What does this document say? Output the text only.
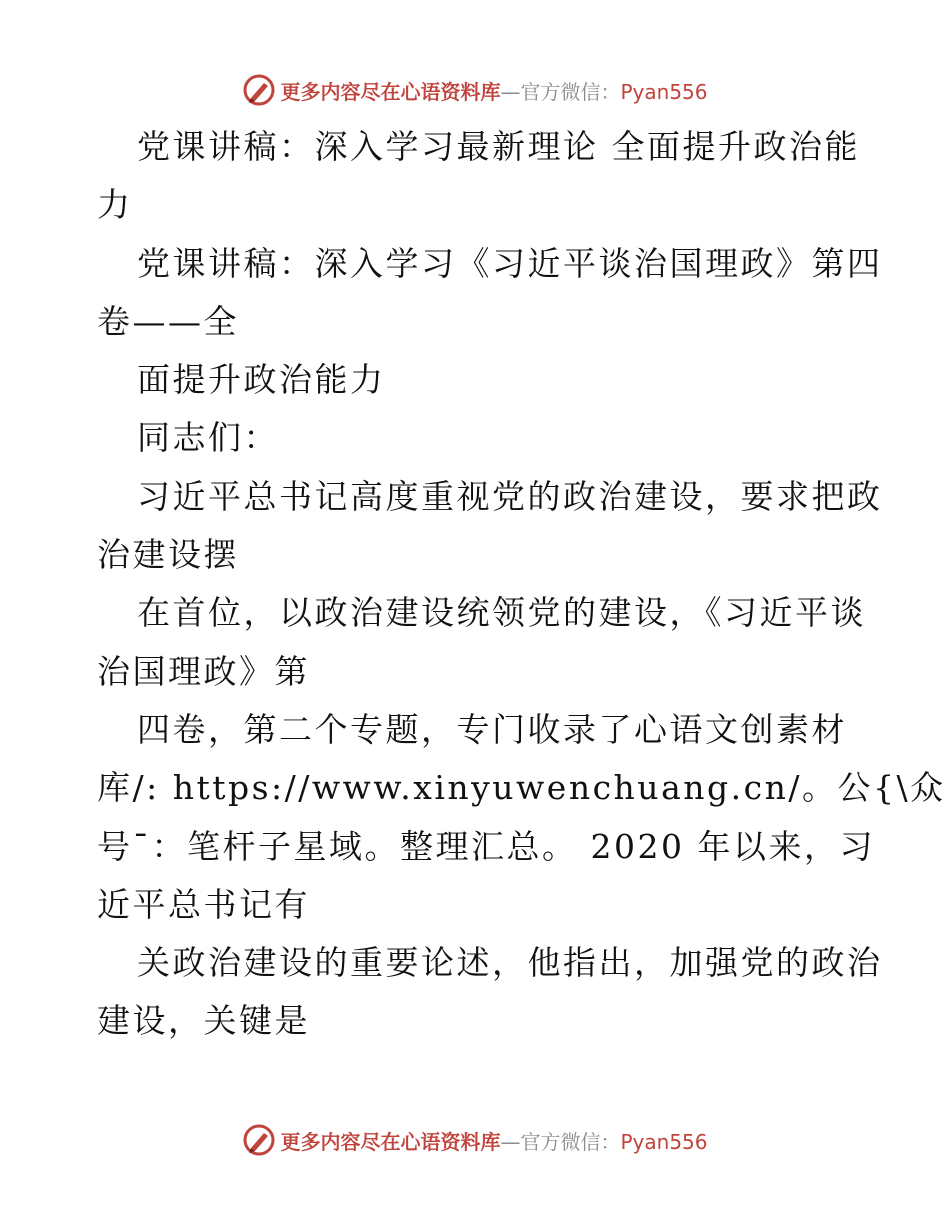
更多内容尽在心语资料库—官方微信：Pyan556
党课讲稿：深入学习最新理论 全面提升政治能
力
党课讲稿：深入学习《习近平谈治国理政》第四
卷——全
面提升政治能力
同志们：
习近平总书记高度重视党的政治建设，要求把政
治建设摆
在首位，以政治建设统领党的建设，《习近平谈
治国理政》第
四卷，第二个专题，专门收录了心语文创素材
库/: https://www.xinyuwenchuang.cn/。公{\众
号¯：笔杆子星域。整理汇总。 2020 年以来，习
近平总书记有
关政治建设的重要论述，他指出，加强党的政治
建设，关键是
更多内容尽在心语资料库—官方微信：Pyan556
